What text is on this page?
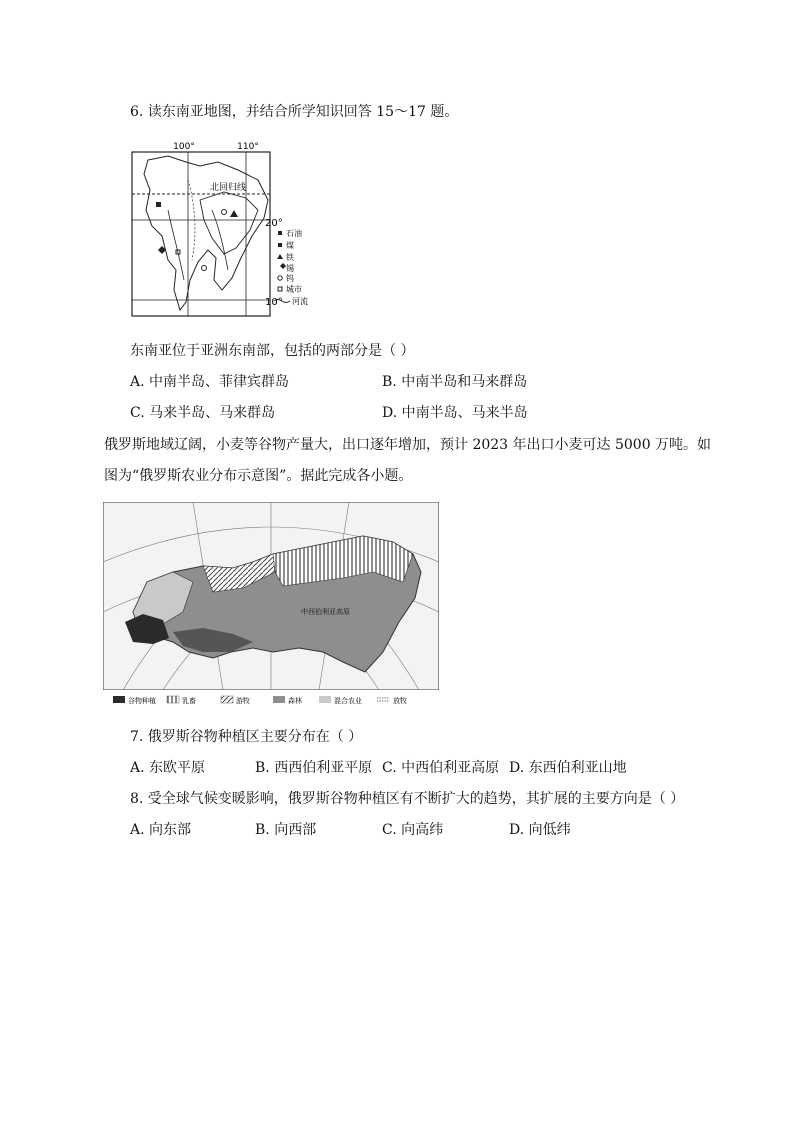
6. 读东南亚地图，并结合所学知识回答 15～17 题。
100°	110°
20°
10°
北回归线
石油
煤
铁
锡
钨
城市
河流
东南亚位于亚洲东南部，包括的两部分是（ ）
A. 中南半岛、菲律宾群岛	B. 中南半岛和马来群岛
C. 马来半岛、马来群岛	D. 中南半岛、马来半岛
俄罗斯地域辽阔，小麦等谷物产量大，出口逐年增加，预计 2023 年出口小麦可达 5000 万吨。如
图为“俄罗斯农业分布示意图”。据此完成各小题。
中西伯利亚高原
谷物种植	乳畜	游牧	森林	混合农业	放牧
7. 俄罗斯谷物种植区主要分布在（ ）
A. 东欧平原	B. 西西伯利亚平原 C. 中西伯利亚高原 D. 东西伯利亚山地
8. 受全球气候变暖影响，俄罗斯谷物种植区有不断扩大的趋势，其扩展的主要方向是（ ）
A. 向东部	B. 向西部	C. 向高纬	D. 向低纬
